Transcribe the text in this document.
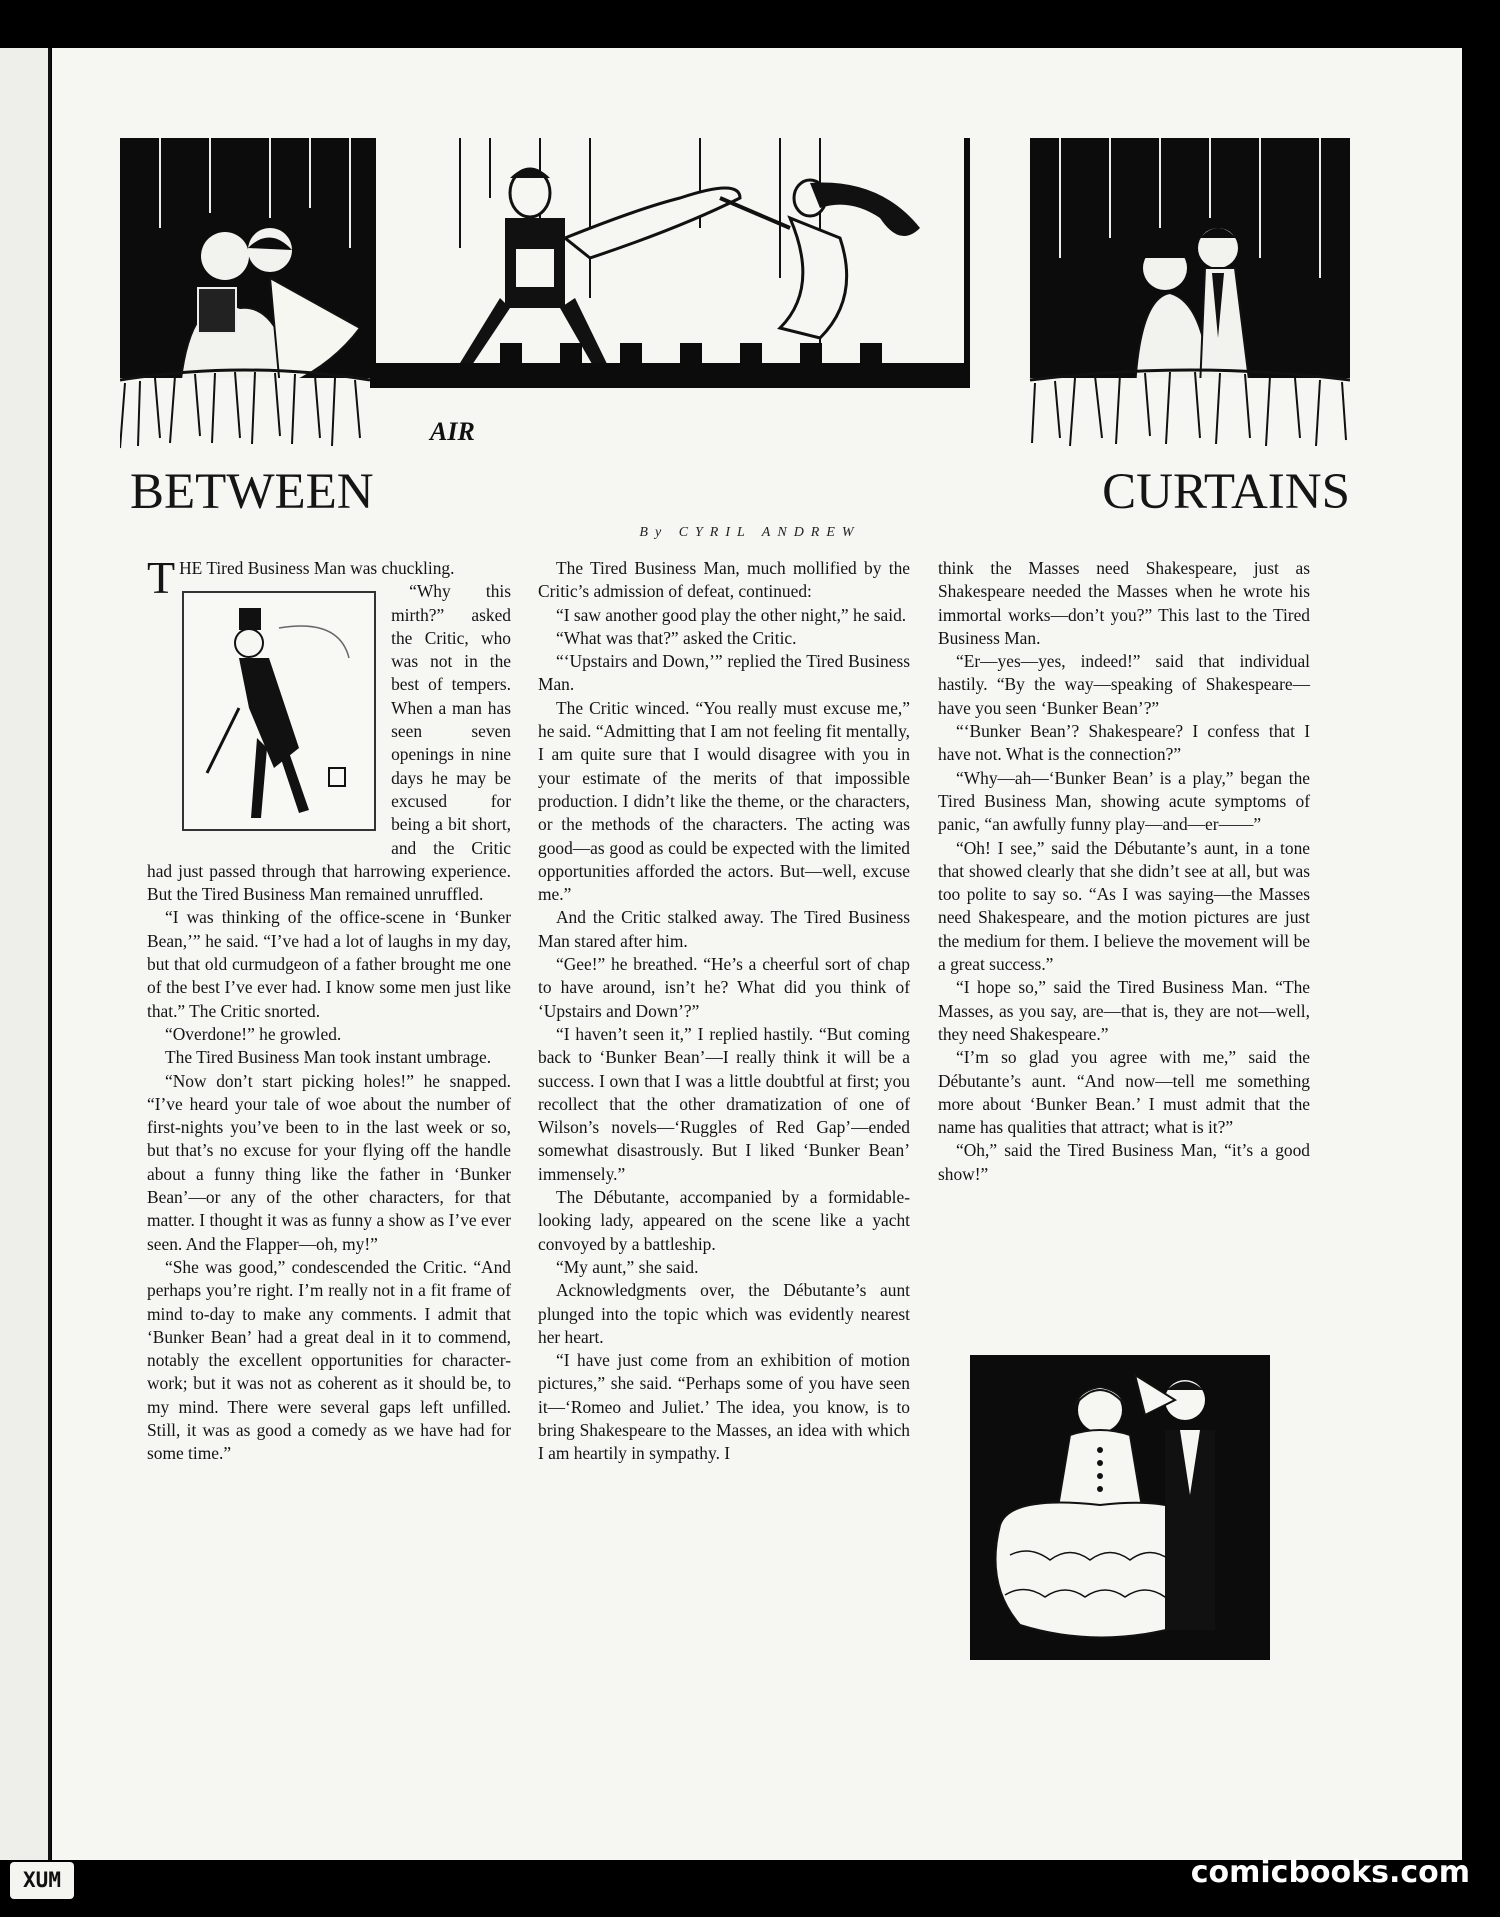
AIR
BETWEEN CURTAINS
By CYRIL ANDREW

THE Tired Business Man was chuckling.

“Why this mirth?” asked the Critic, who was not in the best of tempers. When a man has seen seven openings in nine days he may be excused for being a bit short, and the Critic had just passed through that harrowing experience. But the Tired Business Man remained unruffled.

“I was thinking of the office-scene in ‘Bunker Bean,’” he said. “I’ve had a lot of laughs in my day, but that old curmudgeon of a father brought me one of the best I’ve ever had. I know some men just like that.” The Critic snorted.

“Overdone!” he growled.

The Tired Business Man took instant umbrage.

“Now don’t start picking holes!” he snapped. “I’ve heard your tale of woe about the number of first-nights you’ve been to in the last week or so, but that’s no excuse for your flying off the handle about a funny thing like the father in ‘Bunker Bean’—or any of the other characters, for that matter. I thought it was as funny a show as I’ve ever seen. And the Flapper—oh, my!”

“She was good,” condescended the Critic. “And perhaps you’re right. I’m really not in a fit frame of mind to-day to make any comments. I admit that ‘Bunker Bean’ had a great deal in it to commend, notably the excellent opportunities for character-work; but it was not as coherent as it should be, to my mind. There were several gaps left unfilled. Still, it was as good a comedy as we have had for some time.”

The Tired Business Man, much mollified by the Critic’s admission of defeat, continued:

“I saw another good play the other night,” he said.

“What was that?” asked the Critic.

“‘Upstairs and Down,’” replied the Tired Business Man.

The Critic winced. “You really must excuse me,” he said. “Admitting that I am not feeling fit mentally, I am quite sure that I would disagree with you in your estimate of the merits of that impossible production. I didn’t like the theme, or the characters, or the methods of the characters. The acting was good—as good as could be expected with the limited opportunities afforded the actors. But—well, excuse me.”

And the Critic stalked away. The Tired Business Man stared after him.

“Gee!” he breathed. “He’s a cheerful sort of chap to have around, isn’t he? What did you think of ‘Upstairs and Down’?”

“I haven’t seen it,” I replied hastily. “But coming back to ‘Bunker Bean’—I really think it will be a success. I own that I was a little doubtful at first; you recollect that the other dramatization of one of Wilson’s novels—‘Ruggles of Red Gap’—ended somewhat disastrously. But I liked ‘Bunker Bean’ immensely.”

The Débutante, accompanied by a formidable-looking lady, appeared on the scene like a yacht convoyed by a battleship.

“My aunt,” she said.

Acknowledgments over, the Débutante’s aunt plunged into the topic which was evidently nearest her heart.

“I have just come from an exhibition of motion pictures,” she said. “Perhaps some of you have seen it—‘Romeo and Juliet.’ The idea, you know, is to bring Shakespeare to the Masses, an idea with which I am heartily in sympathy. I

think the Masses need Shakespeare, just as Shakespeare needed the Masses when he wrote his immortal works—don’t you?” This last to the Tired Business Man.

“Er—yes—yes, indeed!” said that individual hastily. “By the way—speaking of Shakespeare—have you seen ‘Bunker Bean’?”

“‘Bunker Bean’? Shakespeare? I confess that I have not. What is the connection?”

“Why—ah—‘Bunker Bean’ is a play,” began the Tired Business Man, showing acute symptoms of panic, “an awfully funny play—and—er——”

“Oh! I see,” said the Débutante’s aunt, in a tone that showed clearly that she didn’t see at all, but was too polite to say so. “As I was saying—the Masses need Shakespeare, and the motion pictures are just the medium for them. I believe the movement will be a great success.”

“I hope so,” said the Tired Business Man. “The Masses, as you say, are—that is, they are not—well, they need Shakespeare.”

“I’m so glad you agree with me,” said the Débutante’s aunt. “And now—tell me something more about ‘Bunker Bean.’ I must admit that the name has qualities that attract; what is it?”

“Oh,” said the Tired Business Man, “it’s a good show!”

XUM	comicbooks.com
